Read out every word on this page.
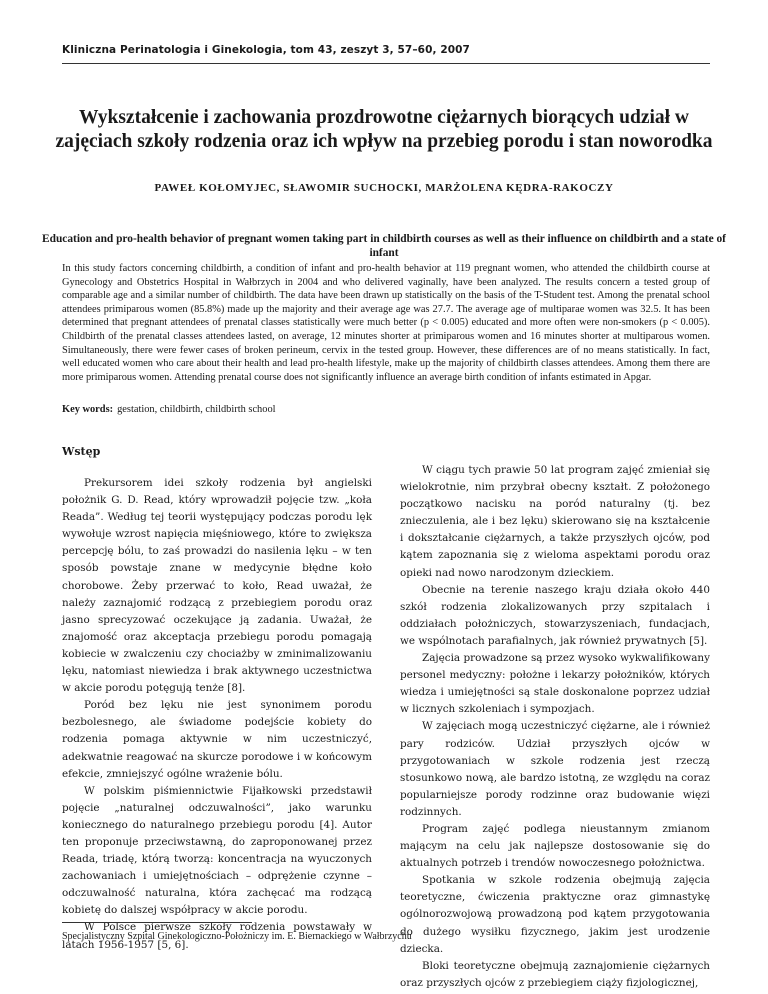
Kliniczna Perinatologia i Ginekologia, tom 43, zeszyt 3, 57–60, 2007
Wykształcenie i zachowania prozdrowotne ciężarnych biorących udział w zajęciach szkoły rodzenia oraz ich wpływ na przebieg porodu i stan noworodka
PAWEŁ KOŁOMYJEC, SŁAWOMIR SUCHOCKI, MARŻOLENA KĘDRA-RAKOCZY
Education and pro-health behavior of pregnant women taking part in childbirth courses as well as their influence on childbirth and a state of infant

In this study factors concerning childbirth, a condition of infant and pro-health behavior at 119 pregnant women, who attended the childbirth course at Gynecology and Obstetrics Hospital in Wałbrzych in 2004 and who delivered vaginally, have been analyzed. The results concern a tested group of comparable age and a similar number of childbirth. The data have been drawn up statistically on the basis of the T-Student test. Among the prenatal school attendees primiparous women (85.8%) made up the majority and their average age was 27.7. The average age of multiparae women was 32.5. It has been determined that pregnant attendees of prenatal classes statistically were much better (p < 0.005) educated and more often were non-smokers (p < 0.005). Childbirth of the prenatal classes attendees lasted, on average, 12 minutes shorter at primiparous women and 16 minutes shorter at multiparous women. Simultaneously, there were fewer cases of broken perineum, cervix in the tested group. However, these differences are of no means statistically. In fact, well educated women who care about their health and lead pro-health lifestyle, make up the majority of childbirth classes attendees. Among them there are more primiparous women. Attending prenatal course does not significantly influence an average birth condition of infants estimated in Apgar.

Key words: gestation, childbirth, childbirth school
Wstęp

Prekursorem idei szkoły rodzenia był angielski położnik G. D. Read, który wprowadził pojęcie tzw. „koła Reada”. Według tej teorii występujący podczas porodu lęk wywołuje wzrost napięcia mięśniowego, które to zwiększa percepcję bólu, to zaś prowadzi do nasilenia lęku – w ten sposób powstaje znane w medycynie błędne koło chorobowe. Żeby przerwać to koło, Read uważał, że należy zaznajomić rodzącą z przebiegiem porodu oraz jasno sprecyzować oczekujące ją zadania. Uważał, że znajomość oraz akceptacja przebiegu porodu pomagają kobiecie w zwalczeniu czy chociażby w zminimalizowaniu lęku, natomiast niewiedza i brak aktywnego uczestnictwa w akcie porodu potęgują tenże [8].

Poród bez lęku nie jest synonimem porodu bezbolesnego, ale świadome podejście kobiety do rodzenia pomaga aktywnie w nim uczestniczyć, adekwatnie reagować na skurcze porodowe i w końcowym efekcie, zmniejszyć ogólne wrażenie bólu.

W polskim piśmiennictwie Fijałkowski przedstawił pojęcie „naturalnej odczuwalności”, jako warunku koniecznego do naturalnego przebiegu porodu [4]. Autor ten proponuje przeciwstawną, do zaproponowanej przez Reada, triadę, którą tworzą: koncentracja na wyuczonych zachowaniach i umiejętnościach – odprężenie czynne – odczuwalność naturalna, która zachęcać ma rodzącą kobietę do dalszej współpracy w akcie porodu.

W Polsce pierwsze szkoły rodzenia powstawały w latach 1956-1957 [5, 6].

W ciągu tych prawie 50 lat program zajęć zmieniał się wielokrotnie, nim przybrał obecny kształt. Z położonego początkowo nacisku na poród naturalny (tj. bez znieczulenia, ale i bez lęku) skierowano się na kształcenie i dokształcanie ciężarnych, a także przyszłych ojców, pod kątem zapoznania się z wieloma aspektami porodu oraz opieki nad nowo narodzonym dzieckiem.

Obecnie na terenie naszego kraju działa około 440 szkół rodzenia zlokalizowanych przy szpitalach i oddziałach położniczych, stowarzyszeniach, fundacjach, we wspólnotach parafialnych, jak również prywatnych [5].

Zajęcia prowadzone są przez wysoko wykwalifikowany personel medyczny: położne i lekarzy położników, których wiedza i umiejętności są stale doskonalone poprzez udział w licznych szkoleniach i sympozjach.

W zajęciach mogą uczestniczyć ciężarne, ale i również pary rodziców. Udział przyszłych ojców w przygotowaniach w szkole rodzenia jest rzeczą stosunkowo nową, ale bardzo istotną, ze względu na coraz popularniejsze porody rodzinne oraz budowanie więzi rodzinnych.

Program zajęć podlega nieustannym zmianom mającym na celu jak najlepsze dostosowanie się do aktualnych potrzeb i trendów nowoczesnego położnictwa.

Spotkania w szkole rodzenia obejmują zajęcia teoretyczne, ćwiczenia praktyczne oraz gimnastykę ogólnorozwojową prowadzoną pod kątem przygotowania do dużego wysiłku fizycznego, jakim jest urodzenie dziecka.

Bloki teoretyczne obejmują zaznajomienie ciężarnych oraz przyszłych ojców z przebiegiem ciąży fizjologicznej,

Specjalistyczny Szpital Ginekologiczno-Położniczy im. E. Biernackiego w Wałbrzychu
